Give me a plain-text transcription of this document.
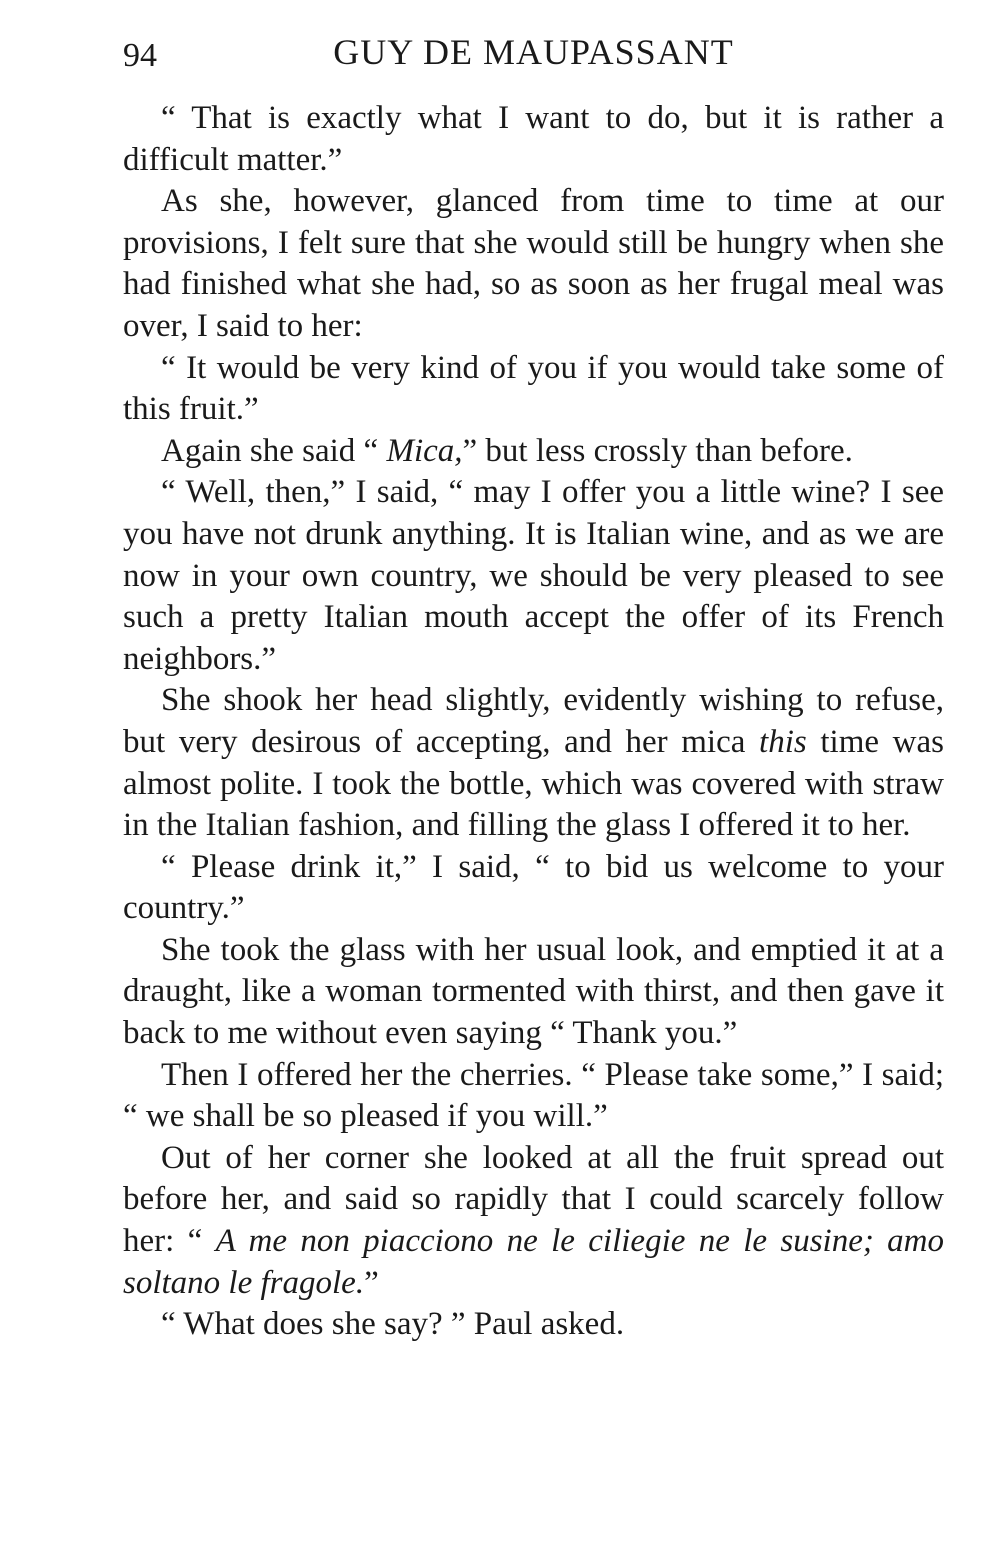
94	GUY DE MAUPASSANT

“ That is exactly what I want to do, but it is rather a difficult matter.”

As she, however, glanced from time to time at our provisions, I felt sure that she would still be hungry when she had finished what she had, so as soon as her frugal meal was over, I said to her:

“ It would be very kind of you if you would take some of this fruit.”

Again she said “ Mica,” but less crossly than before.

“ Well, then,” I said, “ may I offer you a little wine? I see you have not drunk anything. It is Italian wine, and as we are now in your own country, we should be very pleased to see such a pretty Italian mouth accept the offer of its French neighbors.”

She shook her head slightly, evidently wishing to refuse, but very desirous of accepting, and her mica this time was almost polite. I took the bottle, which was covered with straw in the Italian fashion, and filling the glass I offered it to her.

“ Please drink it,” I said, “ to bid us welcome to your country.”

She took the glass with her usual look, and emptied it at a draught, like a woman tormented with thirst, and then gave it back to me without even saying “ Thank you.”

Then I offered her the cherries. “ Please take some,” I said; “ we shall be so pleased if you will.”

Out of her corner she looked at all the fruit spread out before her, and said so rapidly that I could scarcely follow her: “ A me non piacciono ne le ciliegie ne le susine; amo soltano le fragole.”

“ What does she say? ” Paul asked.
